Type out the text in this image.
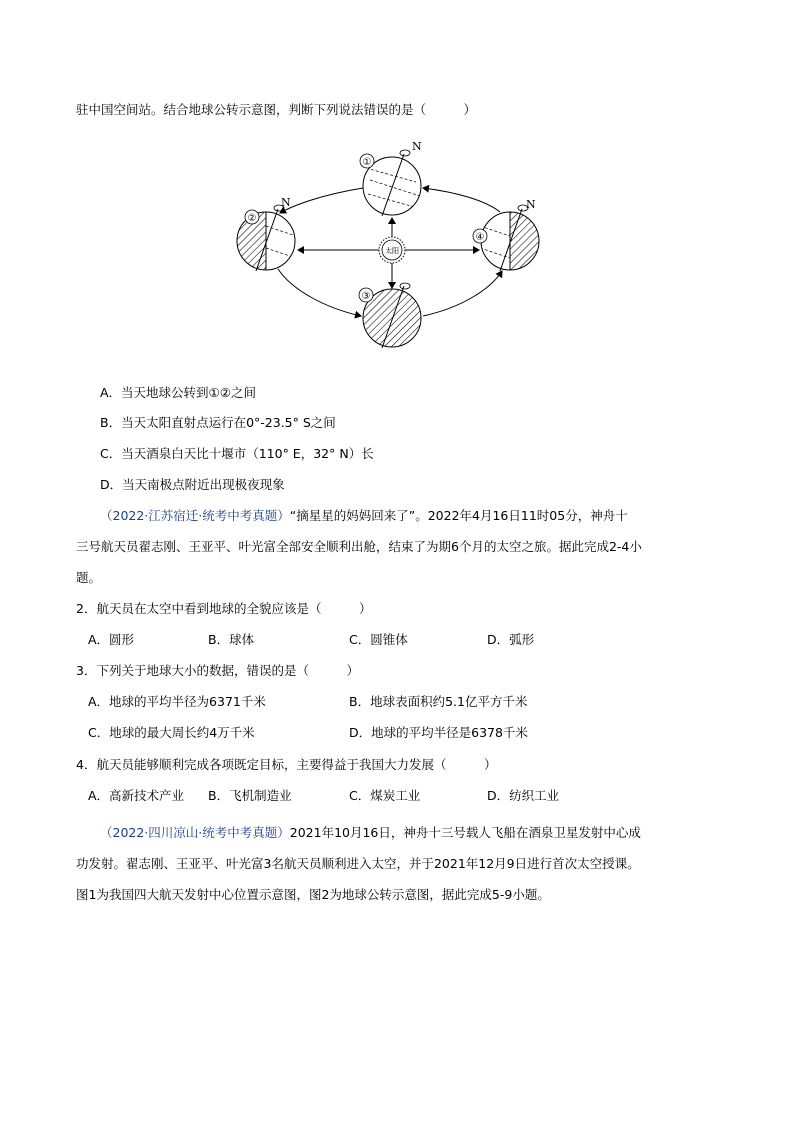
驻中国空间站。结合地球公转示意图，判断下列说法错误的是（　　　）
太阳
N
①
N
②
③
N
④
A．当天地球公转到①②之间
B．当天太阳直射点运行在0°-23.5° S之间
C．当天酒泉白天比十堰市（110° E，32° N）长
D．当天南极点附近出现极夜现象
（2022·江苏宿迁·统考中考真题）“摘星星的妈妈回来了”。2022年4月16日11时05分，神舟十
三号航天员翟志刚、王亚平、叶光富全部安全顺利出舱，结束了为期6个月的太空之旅。据此完成2-4小
题。
2．航天员在太空中看到地球的全貌应该是（　　　）
A．圆形	B．球体	C．圆锥体	D．弧形
3．下列关于地球大小的数据，错误的是（　　　）
A．地球的平均半径为6371千米	B．地球表面积约5.1亿平方千米
C．地球的最大周长约4万千米	D．地球的平均半径是6378千米
4．航天员能够顺利完成各项既定目标，主要得益于我国大力发展（　　　）
A．高新技术产业 B．飞机制造业	C．煤炭工业	D．纺织工业
（2022·四川凉山·统考中考真题）2021年10月16日，神舟十三号载人飞船在酒泉卫星发射中心成
功发射。翟志刚、王亚平、叶光富3名航天员顺利进入太空，并于2021年12月9日进行首次太空授课。
图1为我国四大航天发射中心位置示意图，图2为地球公转示意图，据此完成5-9小题。
